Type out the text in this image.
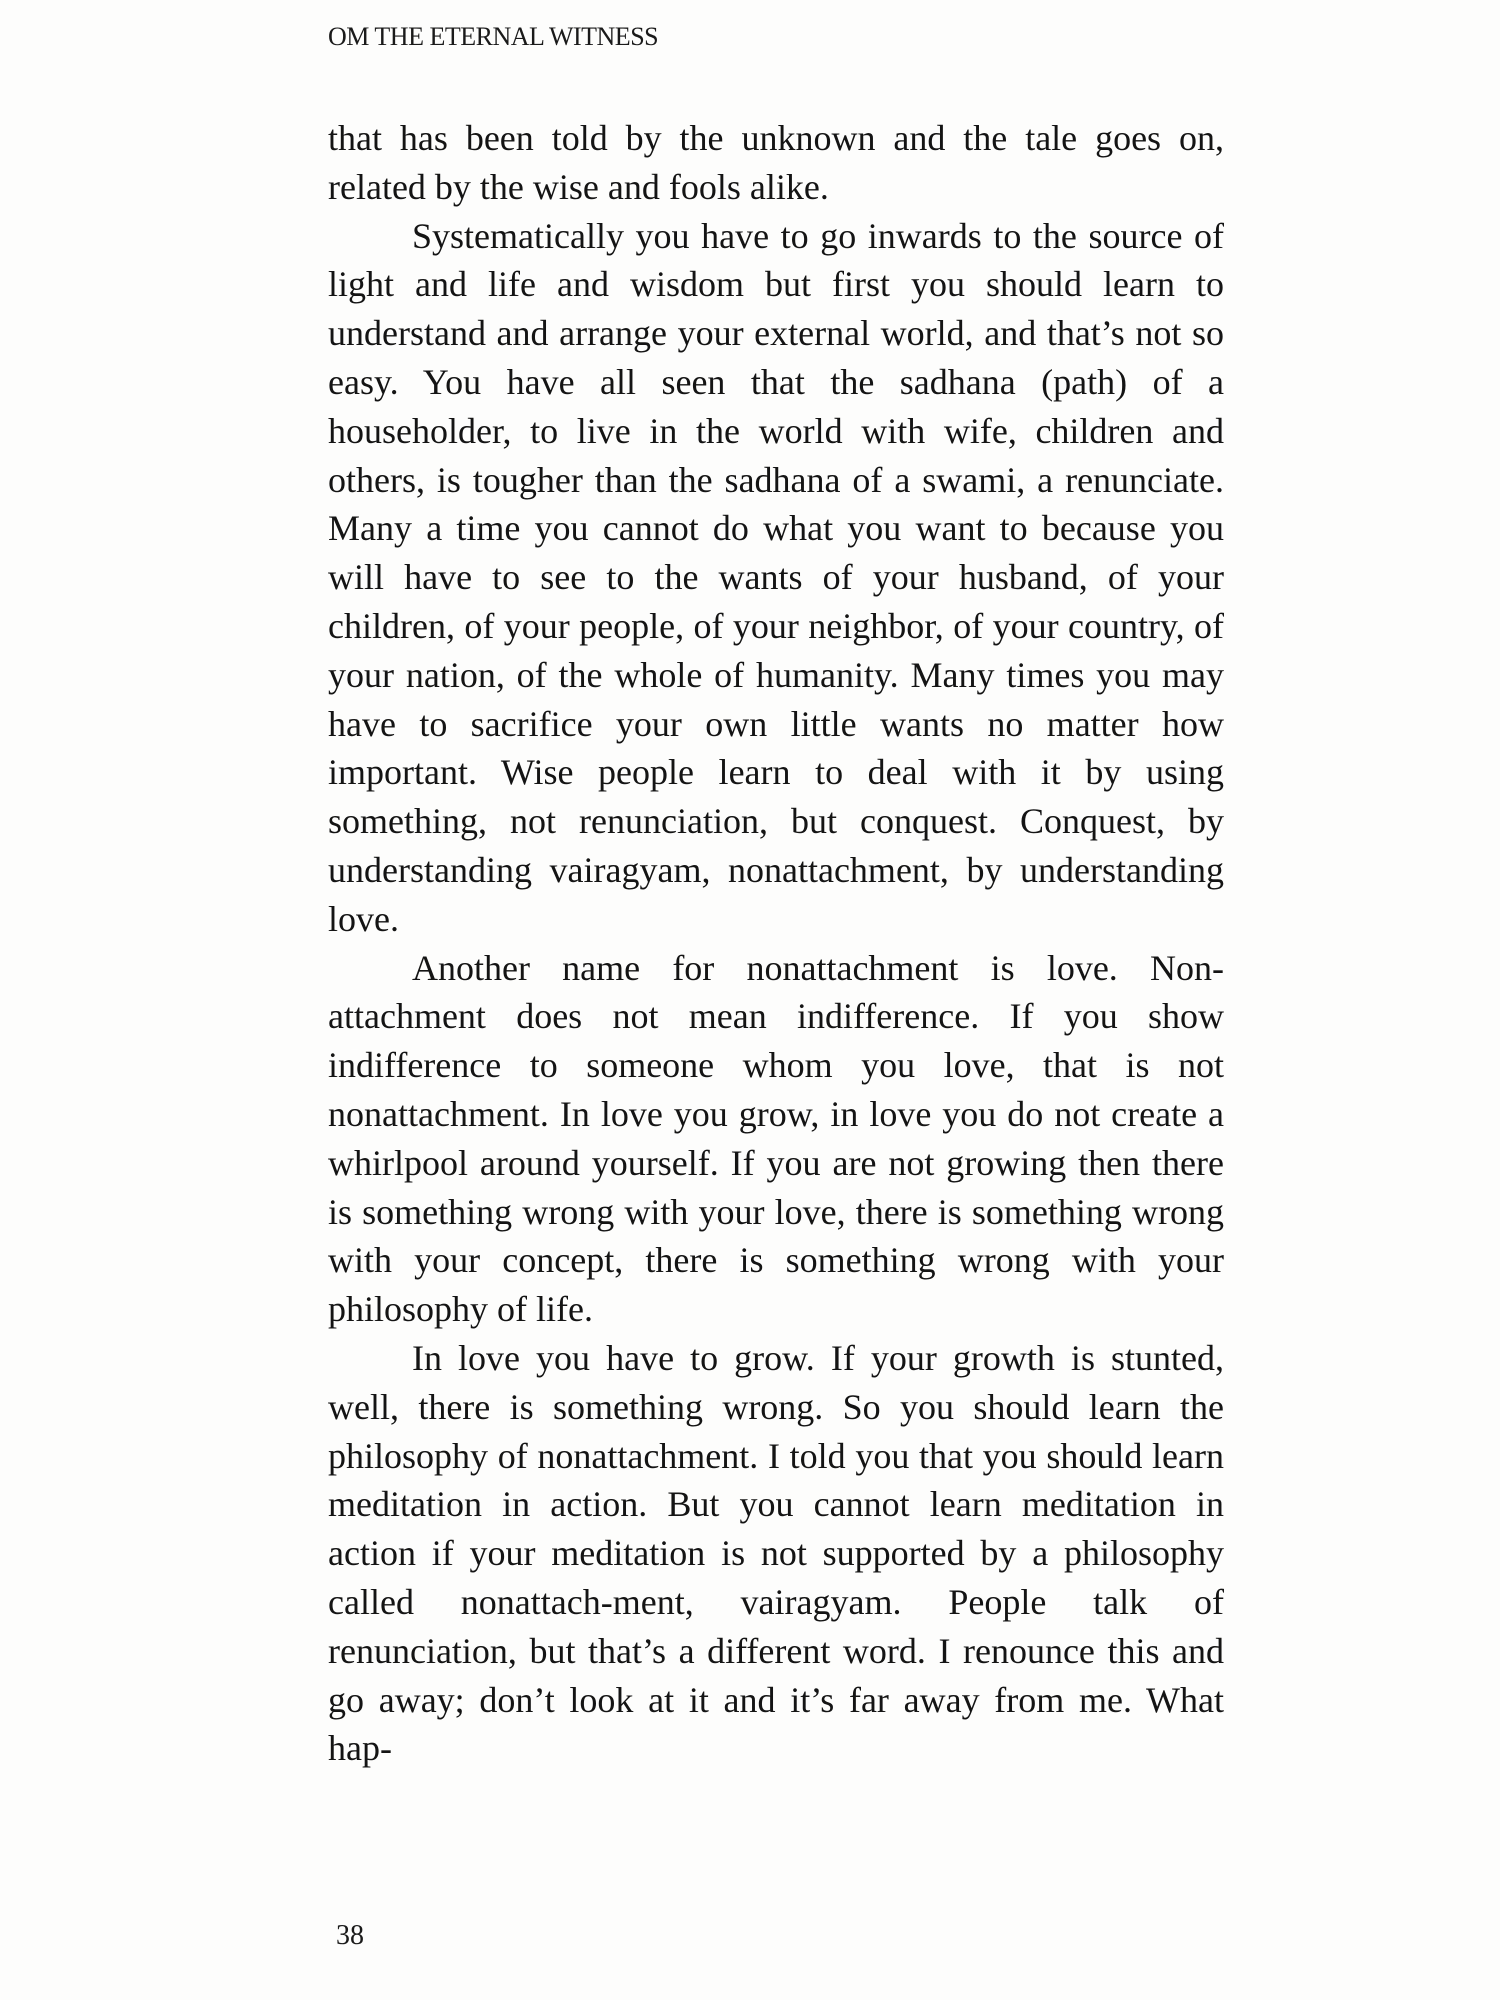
OM THE ETERNAL WITNESS

that has been told by the unknown and the tale goes on, related by the wise and fools alike.

Systematically you have to go inwards to the source of light and life and wisdom but first you should learn to understand and arrange your external world, and that’s not so easy. You have all seen that the sadhana (path) of a householder, to live in the world with wife, children and others, is tougher than the sadhana of a swami, a renunciate. Many a time you cannot do what you want to because you will have to see to the wants of your husband, of your children, of your people, of your neighbor, of your country, of your nation, of the whole of humanity. Many times you may have to sacrifice your own little wants no matter how important. Wise people learn to deal with it by using something, not renunciation, but conquest. Conquest, by understanding vairagyam, nonattachment, by understanding love.

Another name for nonattachment is love. Non-attachment does not mean indifference. If you show indifference to someone whom you love, that is not nonattachment. In love you grow, in love you do not create a whirlpool around yourself. If you are not growing then there is something wrong with your love, there is something wrong with your concept, there is something wrong with your philosophy of life.

In love you have to grow. If your growth is stunted, well, there is something wrong. So you should learn the philosophy of nonattachment. I told you that you should learn meditation in action. But you cannot learn meditation in action if your meditation is not supported by a philosophy called nonattach-ment, vairagyam. People talk of renunciation, but that’s a different word. I renounce this and go away; don’t look at it and it’s far away from me. What hap-

38
